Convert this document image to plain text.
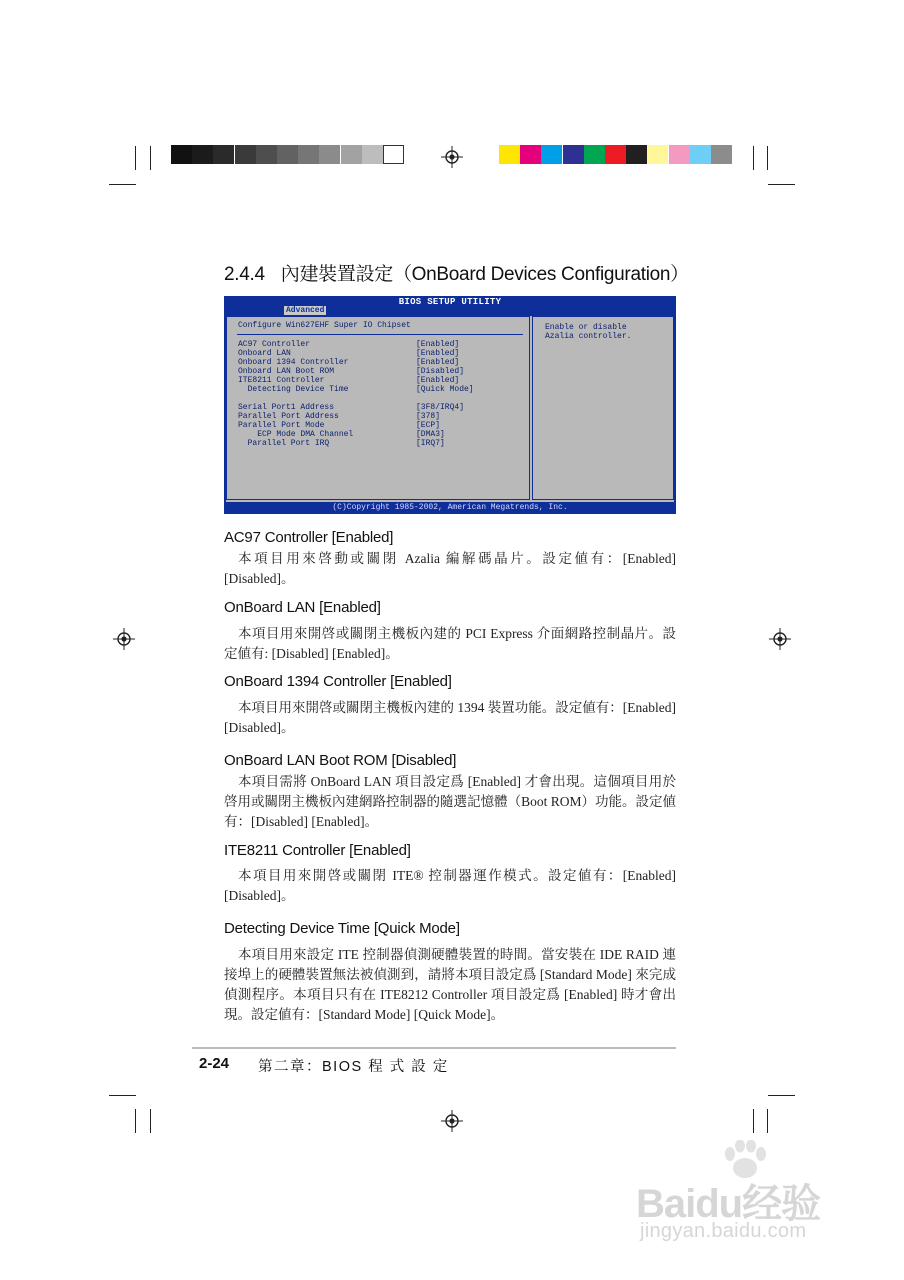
2.4.4 內建裝置設定（OnBoard Devices Configuration）
BIOS SETUP UTILITY
Advanced
Configure Win627EHF Super IO Chipset
AC97 Controller	[Enabled]
Onboard LAN	[Enabled]
Onboard 1394 Controller	[Enabled]
Onboard LAN Boot ROM	[Disabled]
ITE8211 Controller	[Enabled]
Detecting Device Time	[Quick Mode]
Serial Port1 Address	[3F8/IRQ4]
Parallel Port Address	[378]
Parallel Port Mode	[ECP]
ECP Mode DMA Channel	[DMA3]
Parallel Port IRQ	[IRQ7]
Enable or disable
Azalia controller.
(C)Copyright 1985-2002, American Megatrends, Inc.
AC97 Controller [Enabled]
本項目用來啓動或關閉 Azalia 編解碼晶片。設定値有：[Enabled] [Disabled]。
OnBoard LAN [Enabled]
本項目用來開啓或關閉主機板內建的 PCI Express 介面網路控制晶片。設定値有: [Disabled] [Enabled]。
OnBoard 1394 Controller [Enabled]
本項目用來開啓或關閉主機板內建的 1394 裝置功能。設定値有：[Enabled] [Disabled]。
OnBoard LAN Boot ROM [Disabled]
本項目需將 OnBoard LAN 項目設定爲 [Enabled] 才會出現。這個項目用於啓用或關閉主機板內建網路控制器的隨選記憶體（Boot ROM）功能。設定値有：[Disabled] [Enabled]。
ITE8211 Controller [Enabled]
本項目用來開啓或關閉 ITE® 控制器運作模式。設定値有：[Enabled] [Disabled]。
Detecting Device Time [Quick Mode]
本項目用來設定 ITE 控制器偵測硬體裝置的時間。當安裝在 IDE RAID 連接埠上的硬體裝置無法被偵測到，請將本項目設定爲 [Standard Mode] 來完成偵測程序。本項目只有在 ITE8212 Controller 項目設定爲 [Enabled] 時才會出現。設定値有：[Standard Mode] [Quick Mode]。
2-24 第二章：BIOS 程 式 設 定
Baidu经验
jingyan.baidu.com
